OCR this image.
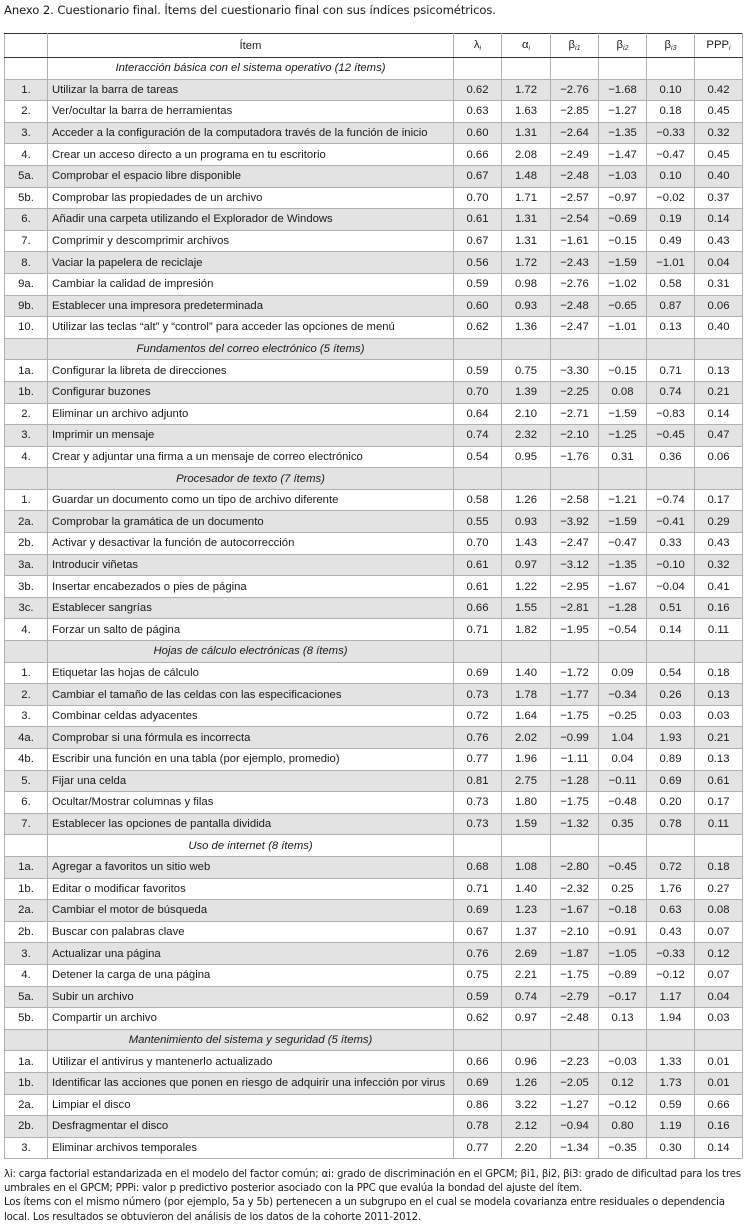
Anexo 2. Cuestionario final. Ítems del cuestionario final con sus índices psicométricos.
	Ítem	$\lambda_i$	$\alpha_i$	$\beta_{i1}$	$\beta_{i2}$	$\beta_{i3}$	$PPP_i$
	Interacción básica con el sistema operativo (12 ítems)						
1.	Utilizar la barra de tareas	0.62	1.72	−2.76	−1.68	0.10	0.42
2.	Ver/ocultar la barra de herramientas	0.63	1.63	−2.85	−1.27	0.18	0.45
3.	Acceder a la configuración de la computadora través de la función de inicio	0.60	1.31	−2.64	−1.35	−0.33	0.32
4.	Crear un acceso directo a un programa en tu escritorio	0.66	2.08	−2.49	−1.47	−0.47	0.45
5a.	Comprobar el espacio libre disponible	0.67	1.48	−2.48	−1.03	0.10	0.40
5b.	Comprobar las propiedades de un archivo	0.70	1.71	−2.57	−0.97	−0.02	0.37
6.	Añadir una carpeta utilizando el Explorador de Windows	0.61	1.31	−2.54	−0.69	0.19	0.14
7.	Comprimir y descomprimir archivos	0.67	1.31	−1.61	−0.15	0.49	0.43
8.	Vaciar la papelera de reciclaje	0.56	1.72	−2.43	−1.59	−1.01	0.04
9a.	Cambiar la calidad de impresión	0.59	0.98	−2.76	−1.02	0.58	0.31
9b.	Establecer una impresora predeterminada	0.60	0.93	−2.48	−0.65	0.87	0.06
10.	Utilizar las teclas “alt” y “control” para acceder las opciones de menú	0.62	1.36	−2.47	−1.01	0.13	0.40
	Fundamentos del correo electrónico (5 ítems)						
1a.	Configurar la libreta de direcciones	0.59	0.75	−3.30	−0.15	0.71	0.13
1b.	Configurar buzones	0.70	1.39	−2.25	0.08	0.74	0.21
2.	Eliminar un archivo adjunto	0.64	2.10	−2.71	−1.59	−0.83	0.14
3.	Imprimir un mensaje	0.74	2.32	−2.10	−1.25	−0.45	0.47
4.	Crear y adjuntar una firma a un mensaje de correo electrónico	0.54	0.95	−1.76	0.31	0.36	0.06
	Procesador de texto (7 ítems)						
1.	Guardar un documento como un tipo de archivo diferente	0.58	1.26	−2.58	−1.21	−0.74	0.17
2a.	Comprobar la gramática de un documento	0.55	0.93	−3.92	−1.59	−0.41	0.29
2b.	Activar y desactivar la función de autocorrección	0.70	1.43	−2.47	−0.47	0.33	0.43
3a.	Introducir viñetas	0.61	0.97	−3.12	−1.35	−0.10	0.32
3b.	Insertar encabezados o pies de página	0.61	1.22	−2.95	−1.67	−0.04	0.41
3c.	Establecer sangrías	0.66	1.55	−2.81	−1.28	0.51	0.16
4.	Forzar un salto de página	0.71	1.82	−1.95	−0.54	0.14	0.11
	Hojas de cálculo electrónicas (8 ítems)						
1.	Etiquetar las hojas de cálculo	0.69	1.40	−1.72	0.09	0.54	0.18
2.	Cambiar el tamaño de las celdas con las especificaciones	0.73	1.78	−1.77	−0.34	0.26	0.13
3.	Combinar celdas adyacentes	0.72	1.64	−1.75	−0.25	0.03	0.03
4a.	Comprobar si una fórmula es incorrecta	0.76	2.02	−0.99	1.04	1.93	0.21
4b.	Escribir una función en una tabla (por ejemplo, promedio)	0.77	1.96	−1.11	0.04	0.89	0.13
5.	Fijar una celda	0.81	2.75	−1.28	−0.11	0.69	0.61
6.	Ocultar/Mostrar columnas y filas	0.73	1.80	−1.75	−0.48	0.20	0.17
7.	Establecer las opciones de pantalla dividida	0.73	1.59	−1.32	0.35	0.78	0.11
	Uso de internet (8 ítems)						
1a.	Agregar a favoritos un sitio web	0.68	1.08	−2.80	−0.45	0.72	0.18
1b.	Editar o modificar favoritos	0.71	1.40	−2.32	0.25	1.76	0.27
2a.	Cambiar el motor de búsqueda	0.69	1.23	−1.67	−0.18	0.63	0.08
2b.	Buscar con palabras clave	0.67	1.37	−2.10	−0.91	0.43	0.07
3.	Actualizar una página	0.76	2.69	−1.87	−1.05	−0.33	0.12
4.	Detener la carga de una página	0.75	2.21	−1.75	−0.89	−0.12	0.07
5a.	Subir un archivo	0.59	0.74	−2.79	−0.17	1.17	0.04
5b.	Compartir un archivo	0.62	0.97	−2.48	0.13	1.94	0.03
	Mantenimiento del sistema y seguridad (5 ítems)						
1a.	Utilizar el antivirus y mantenerlo actualizado	0.66	0.96	−2.23	−0.03	1.33	0.01
1b.	Identificar las acciones que ponen en riesgo de adquirir una infección por virus	0.69	1.26	−2.05	0.12	1.73	0.01
2a.	Limpiar el disco	0.86	3.22	−1.27	−0.12	0.59	0.66
2b.	Desfragmentar el disco	0.78	2.12	−0.94	0.80	1.19	0.16
3.	Eliminar archivos temporales	0.77	2.20	−1.34	−0.35	0.30	0.14

λi: carga factorial estandarizada en el modelo del factor común; αi: grado de discriminación en el GPCM; βi1, βi2, βi3: grado de dificultad para los tres umbrales en el GPCM; PPPi: valor p predictivo posterior asociado con la PPC que evalúa la bondad del ajuste del ítem.

Los ítems con el mismo número (por ejemplo, 5a y 5b) pertenecen a un subgrupo en el cual se modela covarianza entre residuales o dependencia local. Los resultados se obtuvieron del análisis de los datos de la cohorte 2011-2012.
